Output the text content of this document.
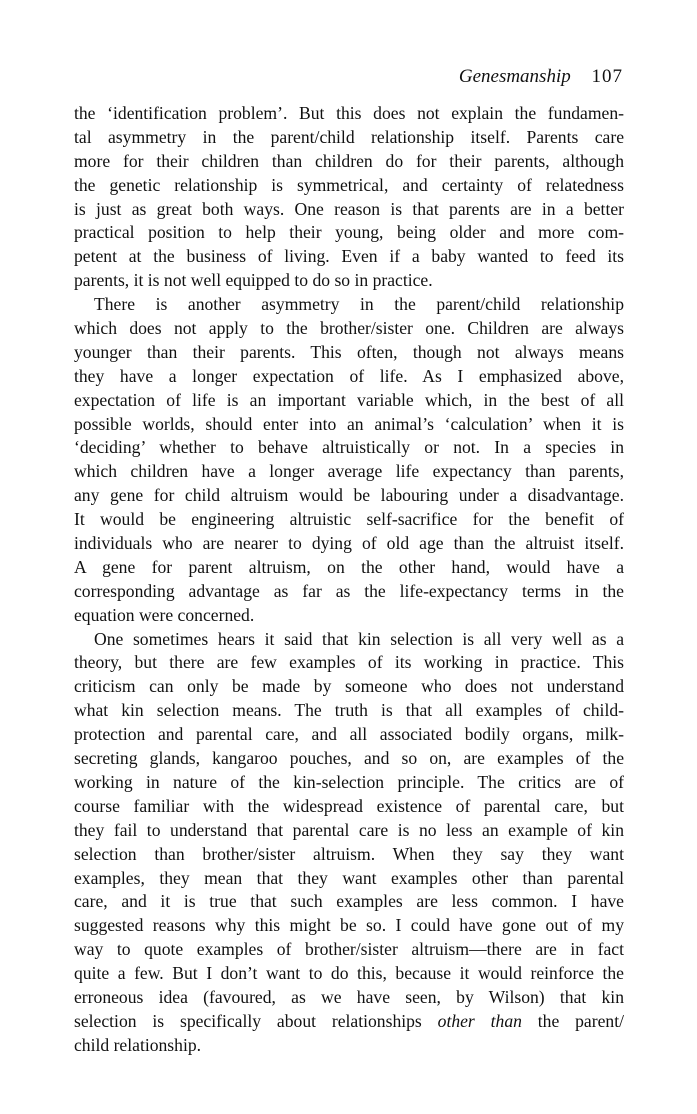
Genesmanship 107
the ‘identification problem’. But this does not explain the fundamen-
tal asymmetry in the parent/child relationship itself. Parents care
more for their children than children do for their parents, although
the genetic relationship is symmetrical, and certainty of relatedness
is just as great both ways. One reason is that parents are in a better
practical position to help their young, being older and more com-
petent at the business of living. Even if a baby wanted to feed its
parents, it is not well equipped to do so in practice.
There is another asymmetry in the parent/child relationship
which does not apply to the brother/sister one. Children are always
younger than their parents. This often, though not always means
they have a longer expectation of life. As I emphasized above,
expectation of life is an important variable which, in the best of all
possible worlds, should enter into an animal’s ‘calculation’ when it is
‘deciding’ whether to behave altruistically or not. In a species in
which children have a longer average life expectancy than parents,
any gene for child altruism would be labouring under a disadvantage.
It would be engineering altruistic self-sacrifice for the benefit of
individuals who are nearer to dying of old age than the altruist itself.
A gene for parent altruism, on the other hand, would have a
corresponding advantage as far as the life-expectancy terms in the
equation were concerned.
One sometimes hears it said that kin selection is all very well as a
theory, but there are few examples of its working in practice. This
criticism can only be made by someone who does not understand
what kin selection means. The truth is that all examples of child-
protection and parental care, and all associated bodily organs, milk-
secreting glands, kangaroo pouches, and so on, are examples of the
working in nature of the kin-selection principle. The critics are of
course familiar with the widespread existence of parental care, but
they fail to understand that parental care is no less an example of kin
selection than brother/sister altruism. When they say they want
examples, they mean that they want examples other than parental
care, and it is true that such examples are less common. I have
suggested reasons why this might be so. I could have gone out of my
way to quote examples of brother/sister altruism—there are in fact
quite a few. But I don’t want to do this, because it would reinforce the
erroneous idea (favoured, as we have seen, by Wilson) that kin
selection is specifically about relationships other than the parent/
child relationship.
